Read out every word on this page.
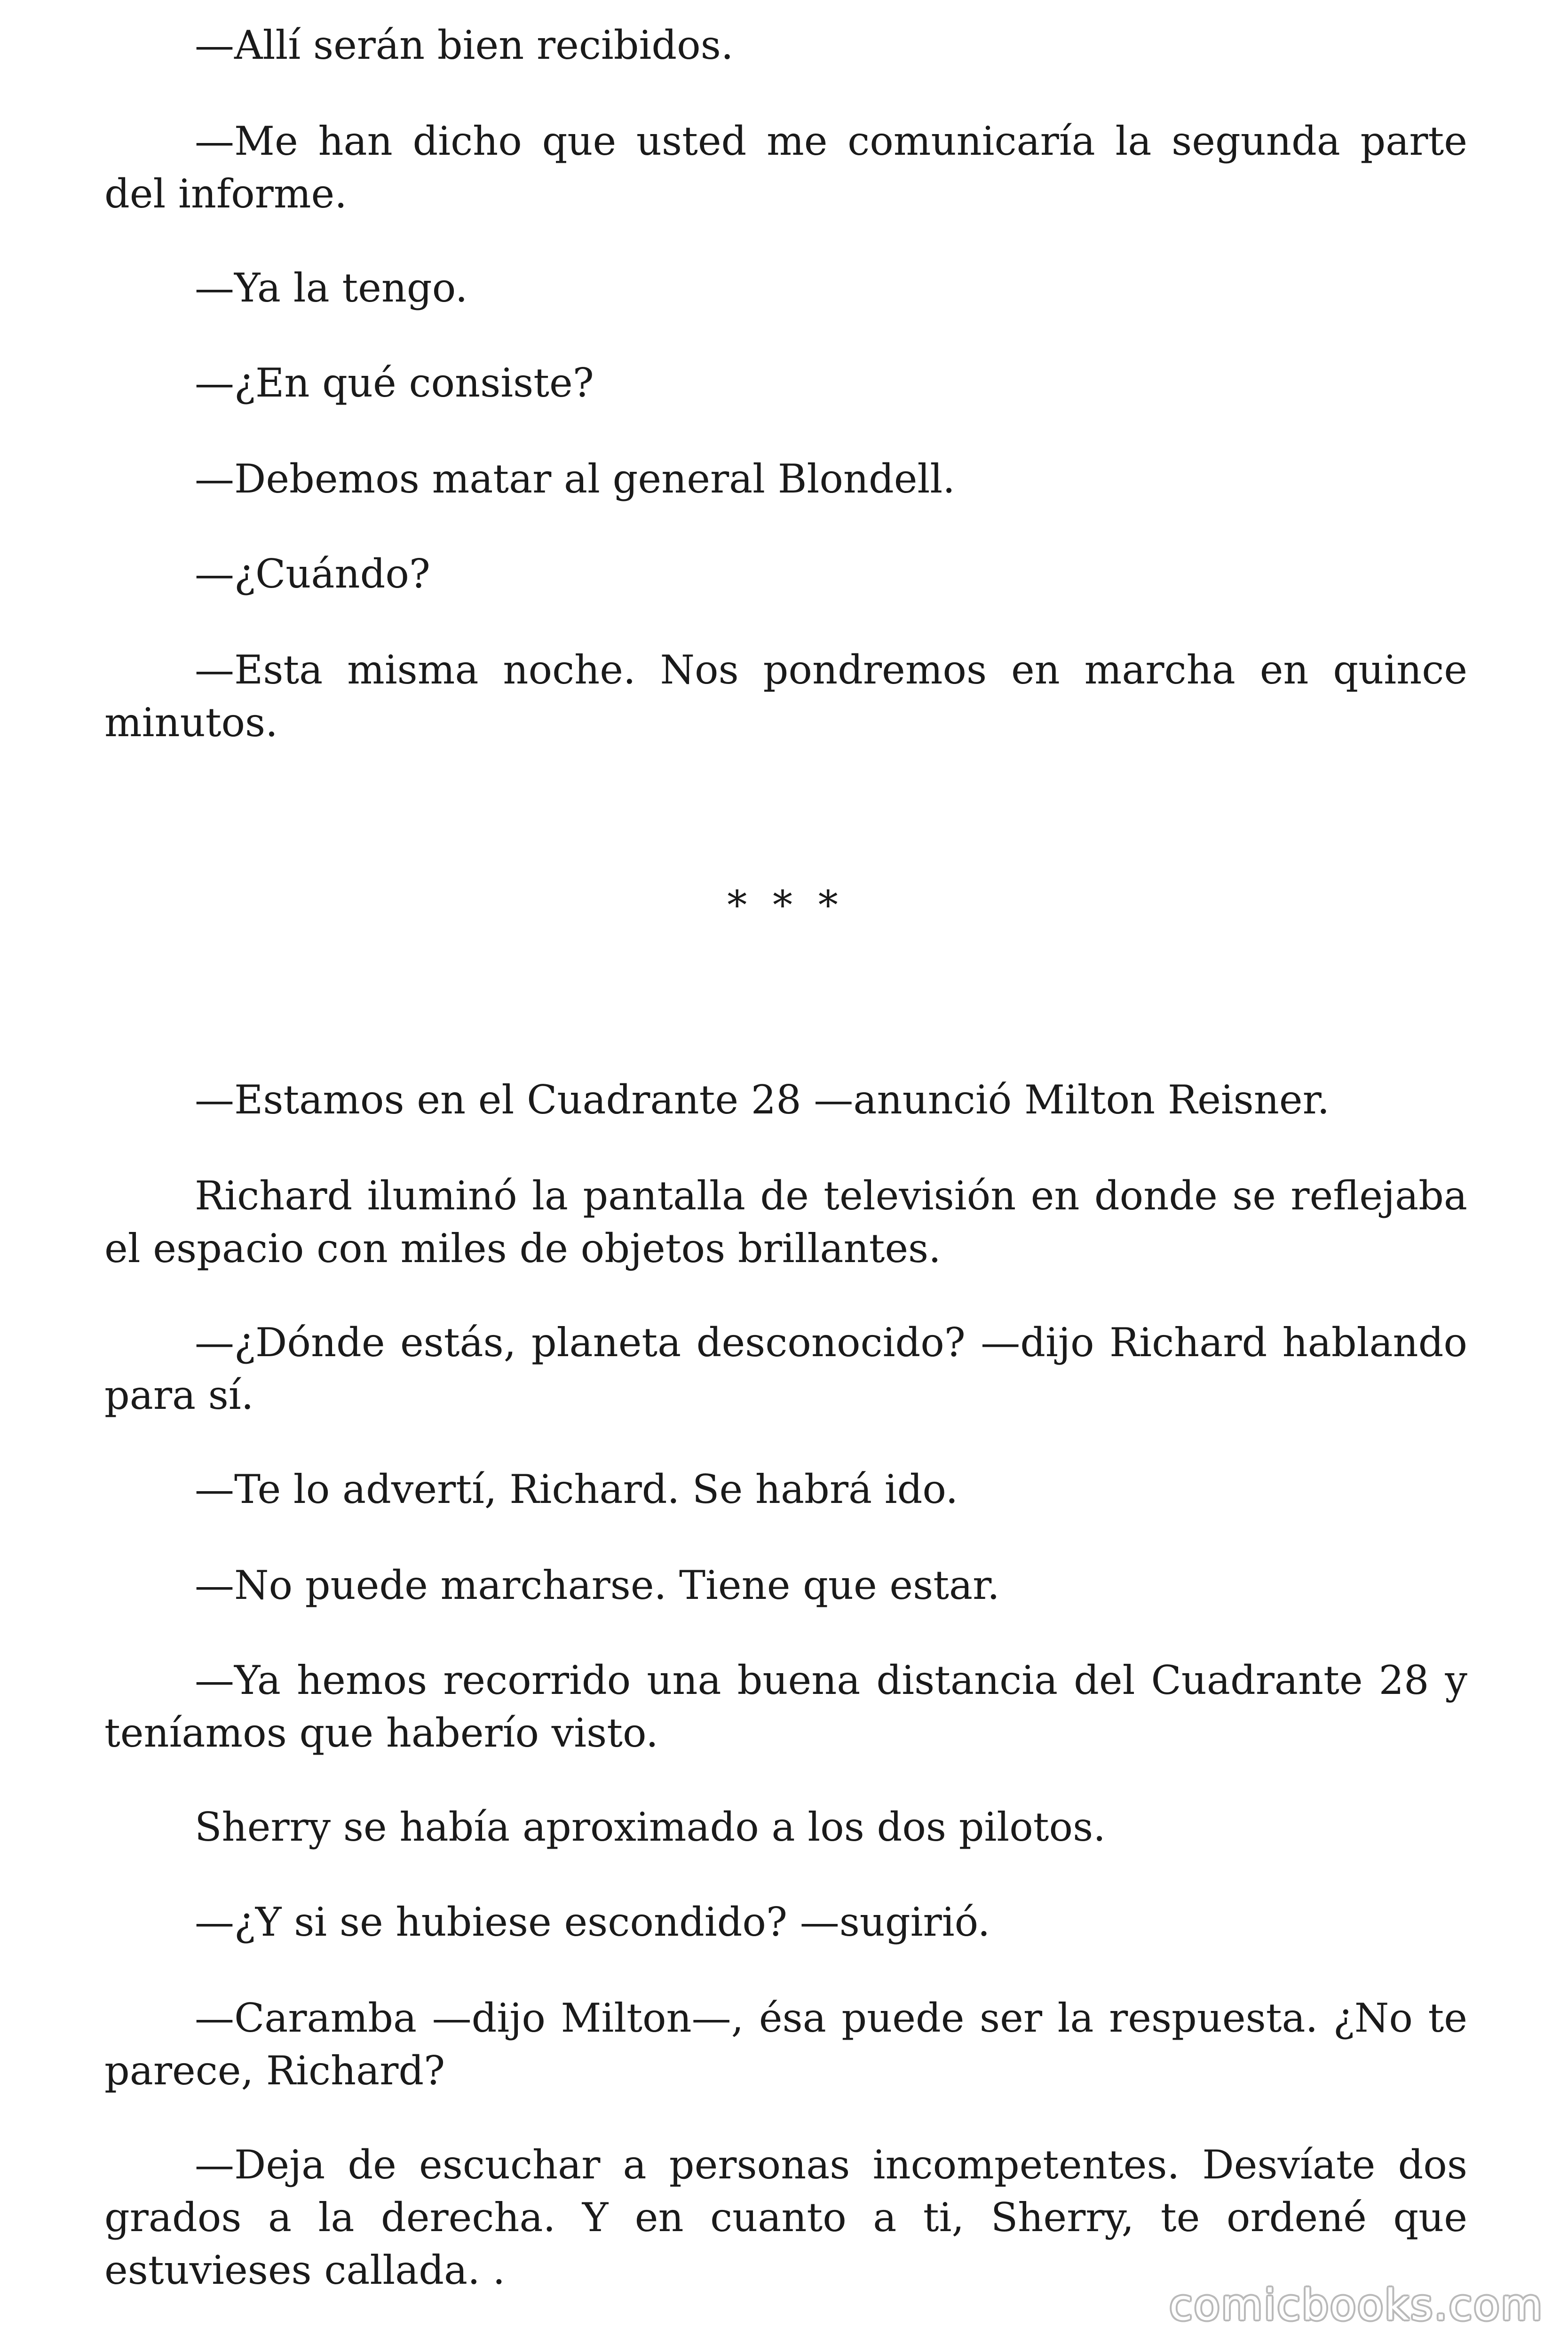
—Allí serán bien recibidos.

—Me han dicho que usted me comunicaría la segunda parte del informe.

—Ya la tengo.

—¿En qué consiste?

—Debemos matar al general Blondell.

—¿Cuándo?

—Esta misma noche. Nos pondremos en marcha en quince minutos.

* * *

—Estamos en el Cuadrante 28 —anunció Milton Reisner.

Richard iluminó la pantalla de televisión en donde se reflejaba el espacio con miles de objetos brillantes.

—¿Dónde estás, planeta desconocido? —dijo Richard hablando para sí.

—Te lo advertí, Richard. Se habrá ido.

—No puede marcharse. Tiene que estar.

—Ya hemos recorrido una buena distancia del Cuadrante 28 y teníamos que haberío visto.

Sherry se había aproximado a los dos pilotos.

—¿Y si se hubiese escondido? —sugirió.

—Caramba —dijo Milton—, ésa puede ser la respuesta. ¿No te parece, Richard?

—Deja de escuchar a personas incompetentes. Desvíate dos grados a la derecha. Y en cuanto a ti, Sherry, te ordené que estuvieses callada. .

comicbooks.com
